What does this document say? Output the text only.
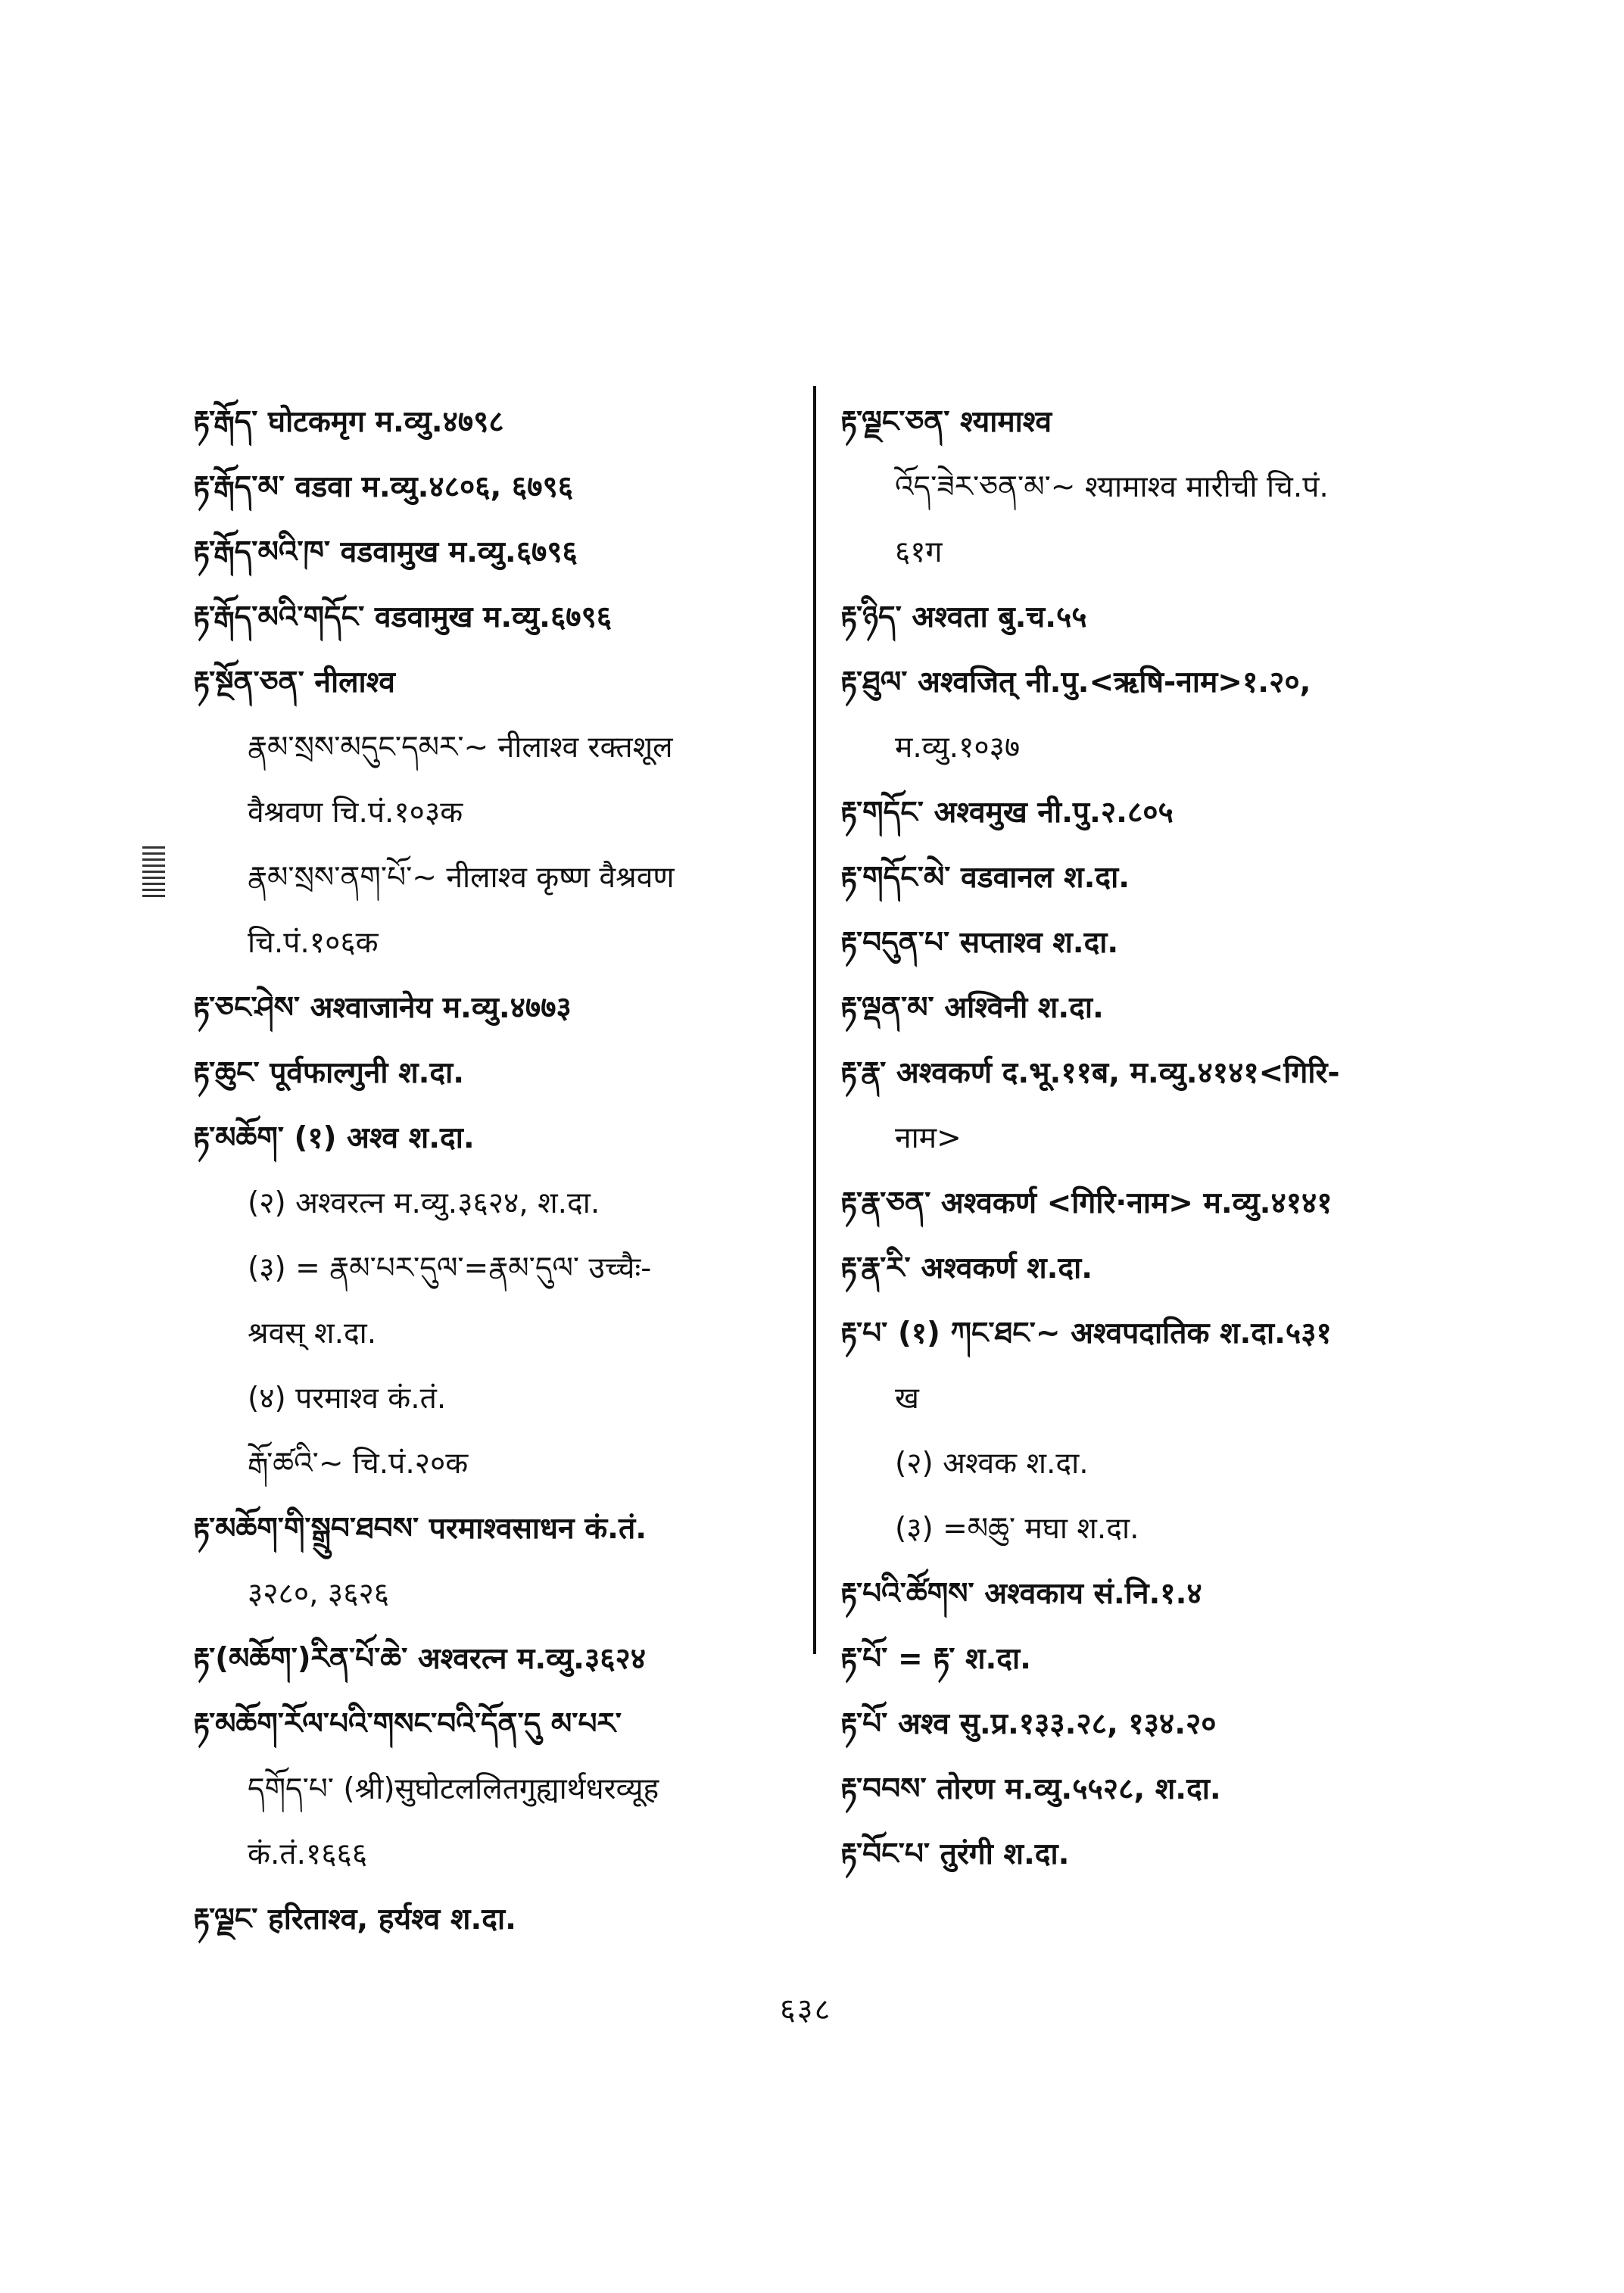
རྟ་རྒོད་ घोटकमृग म.व्यु.४७९८
རྟ་རྒོད་མ་ वडवा म.व्यु.४८०६, ६७९६
རྟ་རྒོད་མའི་ཁ་ वडवामुख म.व्यु.६७९६
རྟ་རྒོད་མའི་གདོང་ वडवामुख म.व्यु.६७९६
རྟ་སྔོན་ཅན་ नीलाश्व
རྣམ་སྲས་མདུང་དམར་~ नीलाश्व रक्तशूल
वैश्रवण चि.पं.१०३क
རྣམ་སྲས་ནག་པོ་~ नीलाश्व कृष्ण वैश्रवण
चि.पं.१०६क
རྟ་ཅང་ཤེས་ अश्वाजानेय म.व्यु.४७७३
རྟ་ཆུང་ पूर्वफाल्गुनी श.दा.
རྟ་མཆོག་ (१) अश्व श.दा.
(२) अश्वरत्न म.व्यु.३६२४, श.दा.
(३) = རྣམ་པར་དུལ་=རྣམ་དུལ་ उच्चैः-
श्रवस् श.दा.
(४) परमाश्व कं.तं.
རྒོ་ཚའི་~ चि.पं.२०क
རྟ་མཆོག་གི་སྒྲུབ་ཐབས་ परमाश्वसाधन कं.तं.
३२८०, ३६२६
རྟ་(མཆོག་)རིན་པོ་ཆེ་ अश्वरत्न म.व्यु.३६२४
རྟ་མཆོག་རོལ་པའི་གསང་བའི་དོན་དུ མ་པར་
དགོད་པ་ (श्री)सुघोटललितगुह्यार्थधरव्यूह
कं.तं.१६६६
རྟ་ལྗང་ हरिताश्व, हर्यश्व श.दा.
རྟ་ལྗང་ཅན་ श्यामाश्व
འོད་ཟེར་ཅན་མ་~ श्यामाश्व मारीची चि.पं.
६१ग
རྟ་ཉིད་ अश्वता बु.च.५५
རྟ་ཐུལ་ अश्वजित् नी.पु.<ऋषि-नाम>१.२०,
म.व्यु.१०३७
རྟ་གདོང་ अश्वमुख नी.पु.२.८०५
རྟ་གདོང་མེ་ वडवानल श.दा.
རྟ་བདུན་པ་ सप्ताश्व श.दा.
རྟ་ལྡན་མ་ अश्विनी श.दा.
རྟ་རྣ་ अश्वकर्ण द.भू.११ब, म.व्यु.४१४१<गिरि-
नाम>
རྟ་རྣ་ཅན་ अश्वकर्ण <गिरि·नाम> म.व्यु.४१४१
རྟ་རྣ་རི་ अश्वकर्ण श.दा.
རྟ་པ་ (१) ཀང་ཐང་~ अश्वपदातिक श.दा.५३१
ख
(२) अश्वक श.दा.
(३) =མཆུ་ मघा श.दा.
རྟ་པའི་ཚོགས་ अश्वकाय सं.नि.१.४
རྟ་པོ་ = རྟ་ श.दा.
རྟ་པོ་ अश्व सु.प्र.१३३.२८, १३४.२०
རྟ་བབས་ तोरण म.व्यु.५५२८, श.दा.
རྟ་བོང་པ་ तुरंगी श.दा.
६३८
